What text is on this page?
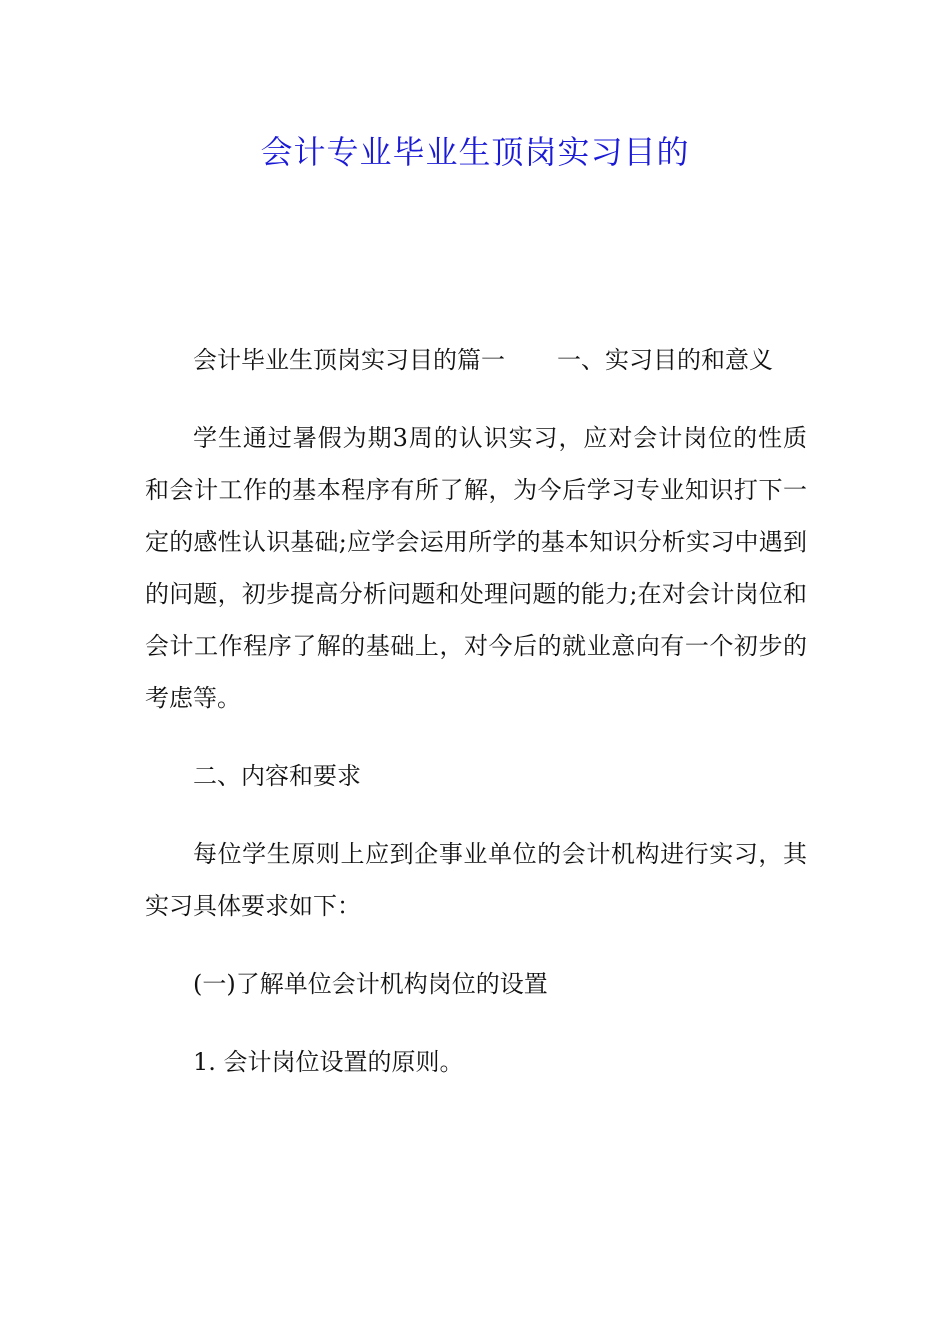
会计专业毕业生顶岗实习目的

会计毕业生顶岗实习目的篇一 一、实习目的和意义

学生通过暑假为期3周的认识实习，应对会计岗位的性质和会计工作的基本程序有所了解，为今后学习专业知识打下一定的感性认识基础;应学会运用所学的基本知识分析实习中遇到的问题，初步提高分析问题和处理问题的能力;在对会计岗位和会计工作程序了解的基础上，对今后的就业意向有一个初步的考虑等。

二、内容和要求

每位学生原则上应到企事业单位的会计机构进行实习，其实习具体要求如下：

(一)了解单位会计机构岗位的设置

1. 会计岗位设置的原则。
